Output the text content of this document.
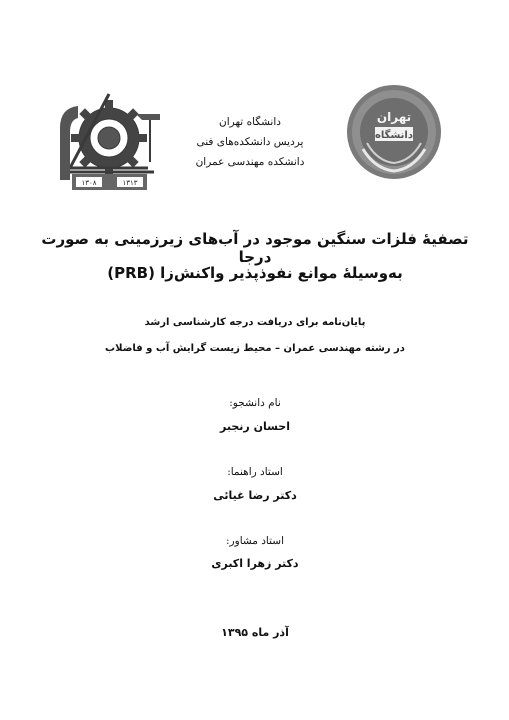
۱۳۰۸	۱۳۱۳
دانشگاه تهران
پردیس دانشکده‌های فنی
دانشکده مهندسی عمران
تهران
دانشگاه
تصفیهٔ فلزات سنگین موجود در آب‌های زیرزمینی به صورت درجا
به‌وسیلهٔ موانع نفوذپذیر واکنش‌زا (PRB)
پایان‌نامه برای دریافت درجه کارشناسی ارشد
در رشته مهندسی عمران – محیط زیست گرایش آب و فاضلاب
نام دانشجو:
احسان رنجبر
استاد راهنما:
دکتر رضا غیائی
استاد مشاور:
دکتر زهرا اکبری
آذر ماه ۱۳۹۵
